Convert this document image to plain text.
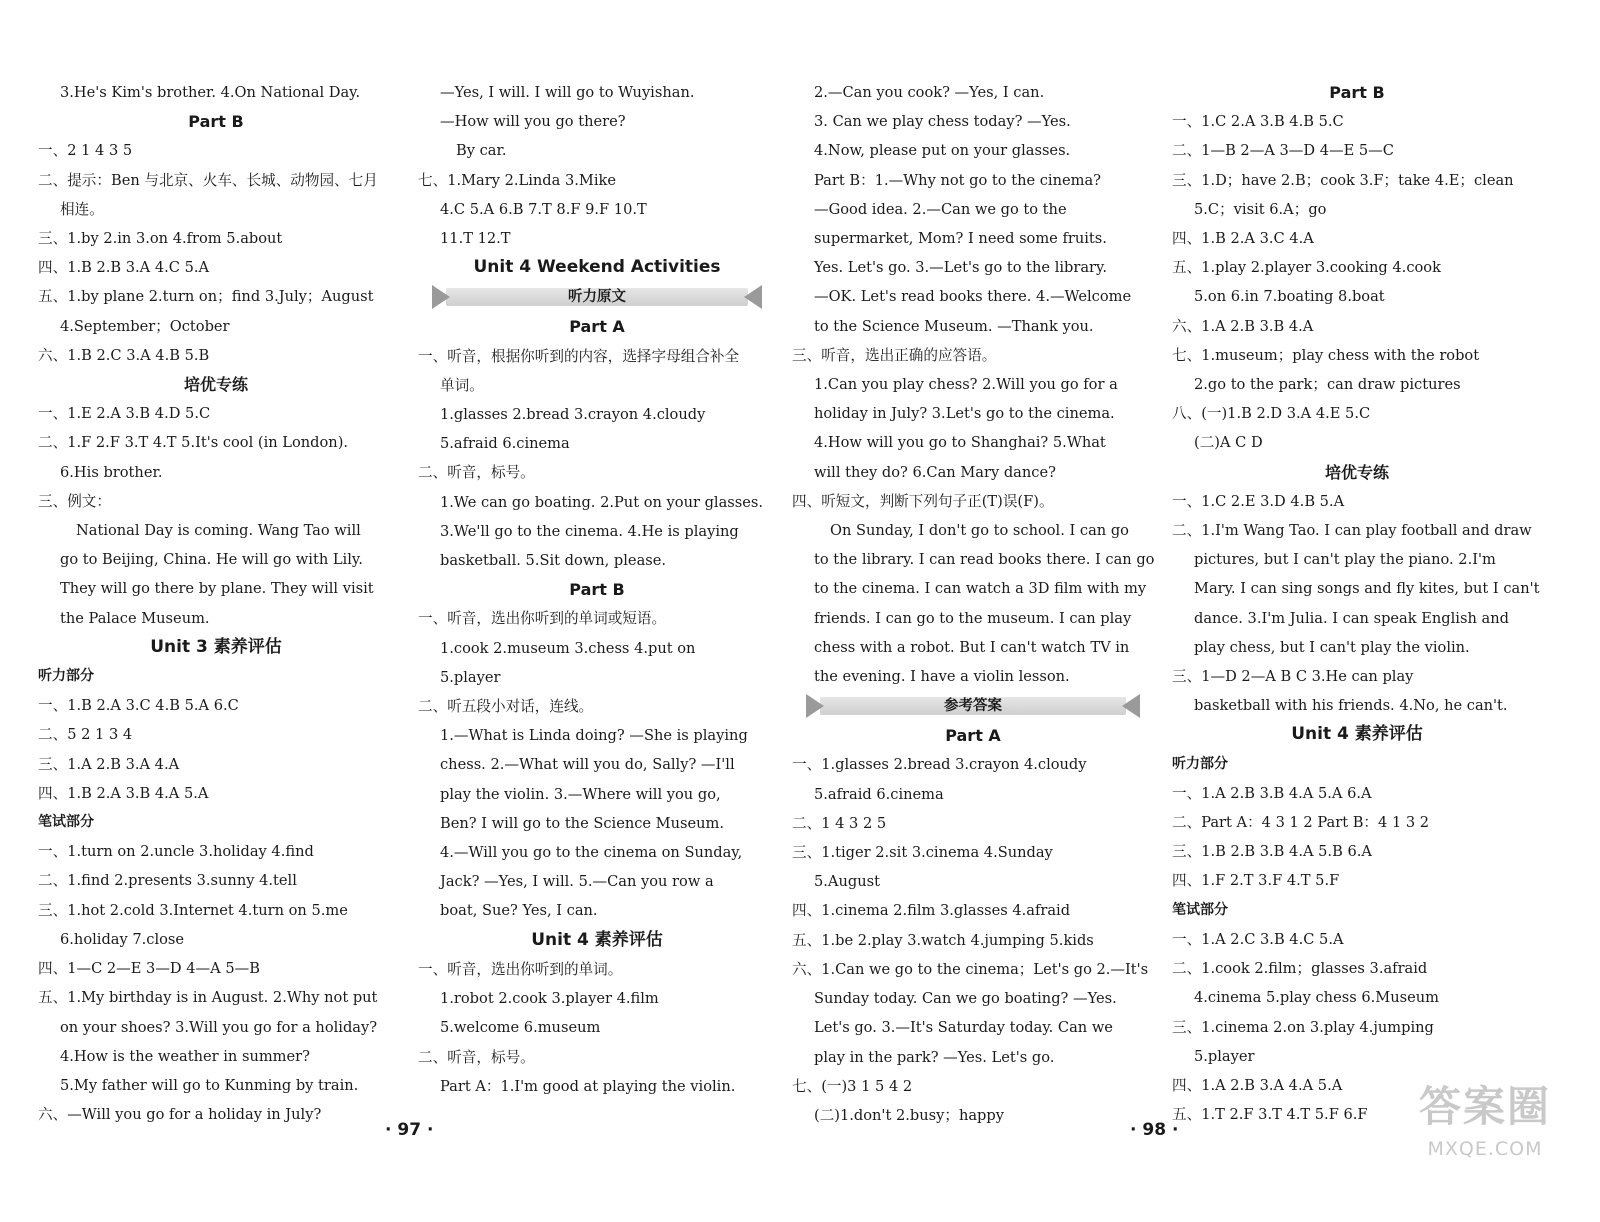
3.He's Kim's brother. 4.On National Day.
Part B
一、2 1 4 3 5
二、提示：Ben 与北京、火车、长城、动物园、七月
相连。
三、1.by 2.in 3.on 4.from 5.about
四、1.B 2.B 3.A 4.C 5.A
五、1.by plane 2.turn on；find 3.July；August
4.September；October
六、1.B 2.C 3.A 4.B 5.B
培优专练
一、1.E 2.A 3.B 4.D 5.C
二、1.F 2.F 3.T 4.T 5.It's cool (in London).
6.His brother.
三、例文：
National Day is coming. Wang Tao will
go to Beijing, China. He will go with Lily.
They will go there by plane. They will visit
the Palace Museum.
Unit 3 素养评估
听力部分
一、1.B 2.A 3.C 4.B 5.A 6.C
二、5 2 1 3 4
三、1.A 2.B 3.A 4.A
四、1.B 2.A 3.B 4.A 5.A
笔试部分
一、1.turn on 2.uncle 3.holiday 4.find
二、1.find 2.presents 3.sunny 4.tell
三、1.hot 2.cold 3.Internet 4.turn on 5.me
6.holiday 7.close
四、1—C 2—E 3—D 4—A 5—B
五、1.My birthday is in August. 2.Why not put
on your shoes? 3.Will you go for a holiday?
4.How is the weather in summer?
5.My father will go to Kunming by train.
六、—Will you go for a holiday in July?
—Yes, I will. I will go to Wuyishan.
—How will you go there?
By car.
七、1.Mary 2.Linda 3.Mike
4.C 5.A 6.B 7.T 8.F 9.F 10.T
11.T 12.T
Unit 4 Weekend Activities
听力原文
Part A
一、听音，根据你听到的内容，选择字母组合补全
单词。
1.glasses 2.bread 3.crayon 4.cloudy
5.afraid 6.cinema
二、听音，标号。
1.We can go boating. 2.Put on your glasses.
3.We'll go to the cinema. 4.He is playing
basketball. 5.Sit down, please.
Part B
一、听音，选出你听到的单词或短语。
1.cook 2.museum 3.chess 4.put on
5.player
二、听五段小对话，连线。
1.—What is Linda doing? —She is playing
chess. 2.—What will you do, Sally? —I'll
play the violin. 3.—Where will you go,
Ben? I will go to the Science Museum.
4.—Will you go to the cinema on Sunday,
Jack? —Yes, I will. 5.—Can you row a
boat, Sue? Yes, I can.
Unit 4 素养评估
一、听音，选出你听到的单词。
1.robot 2.cook 3.player 4.film
5.welcome 6.museum
二、听音，标号。
Part A：1.I'm good at playing the violin.
2.—Can you cook? —Yes, I can.
3. Can we play chess today? —Yes.
4.Now, please put on your glasses.
Part B：1.—Why not go to the cinema?
—Good idea. 2.—Can we go to the
supermarket, Mom? I need some fruits.
Yes. Let's go. 3.—Let's go to the library.
—OK. Let's read books there. 4.—Welcome
to the Science Museum. —Thank you.
三、听音，选出正确的应答语。
1.Can you play chess? 2.Will you go for a
holiday in July? 3.Let's go to the cinema.
4.How will you go to Shanghai? 5.What
will they do? 6.Can Mary dance?
四、听短文，判断下列句子正(T)误(F)。
On Sunday, I don't go to school. I can go
to the library. I can read books there. I can go
to the cinema. I can watch a 3D film with my
friends. I can go to the museum. I can play
chess with a robot. But I can't watch TV in
the evening. I have a violin lesson.
参考答案
Part A
一、1.glasses 2.bread 3.crayon 4.cloudy
5.afraid 6.cinema
二、1 4 3 2 5
三、1.tiger 2.sit 3.cinema 4.Sunday
5.August
四、1.cinema 2.film 3.glasses 4.afraid
五、1.be 2.play 3.watch 4.jumping 5.kids
六、1.Can we go to the cinema；Let's go 2.—It's
Sunday today. Can we go boating? —Yes.
Let's go. 3.—It's Saturday today. Can we
play in the park? —Yes. Let's go.
七、(一)3 1 5 4 2
(二)1.don't 2.busy；happy
Part B
一、1.C 2.A 3.B 4.B 5.C
二、1—B 2—A 3—D 4—E 5—C
三、1.D；have 2.B；cook 3.F；take 4.E；clean
5.C；visit 6.A；go
四、1.B 2.A 3.C 4.A
五、1.play 2.player 3.cooking 4.cook
5.on 6.in 7.boating 8.boat
六、1.A 2.B 3.B 4.A
七、1.museum；play chess with the robot
2.go to the park；can draw pictures
八、(一)1.B 2.D 3.A 4.E 5.C
(二)A C D
培优专练
一、1.C 2.E 3.D 4.B 5.A
二、1.I'm Wang Tao. I can play football and draw
pictures, but I can't play the piano. 2.I'm
Mary. I can sing songs and fly kites, but I can't
dance. 3.I'm Julia. I can speak English and
play chess, but I can't play the violin.
三、1—D 2—A B C 3.He can play
basketball with his friends. 4.No, he can't.
Unit 4 素养评估
听力部分
一、1.A 2.B 3.B 4.A 5.A 6.A
二、Part A：4 3 1 2 Part B：4 1 3 2
三、1.B 2.B 3.B 4.A 5.B 6.A
四、1.F 2.T 3.F 4.T 5.F
笔试部分
一、1.A 2.C 3.B 4.C 5.A
二、1.cook 2.film；glasses 3.afraid
4.cinema 5.play chess 6.Museum
三、1.cinema 2.on 3.play 4.jumping
5.player
四、1.A 2.B 3.A 4.A 5.A
五、1.T 2.F 3.T 4.T 5.F 6.F
· 97 ·	· 98 ·	答案圈
MXQE.COM
